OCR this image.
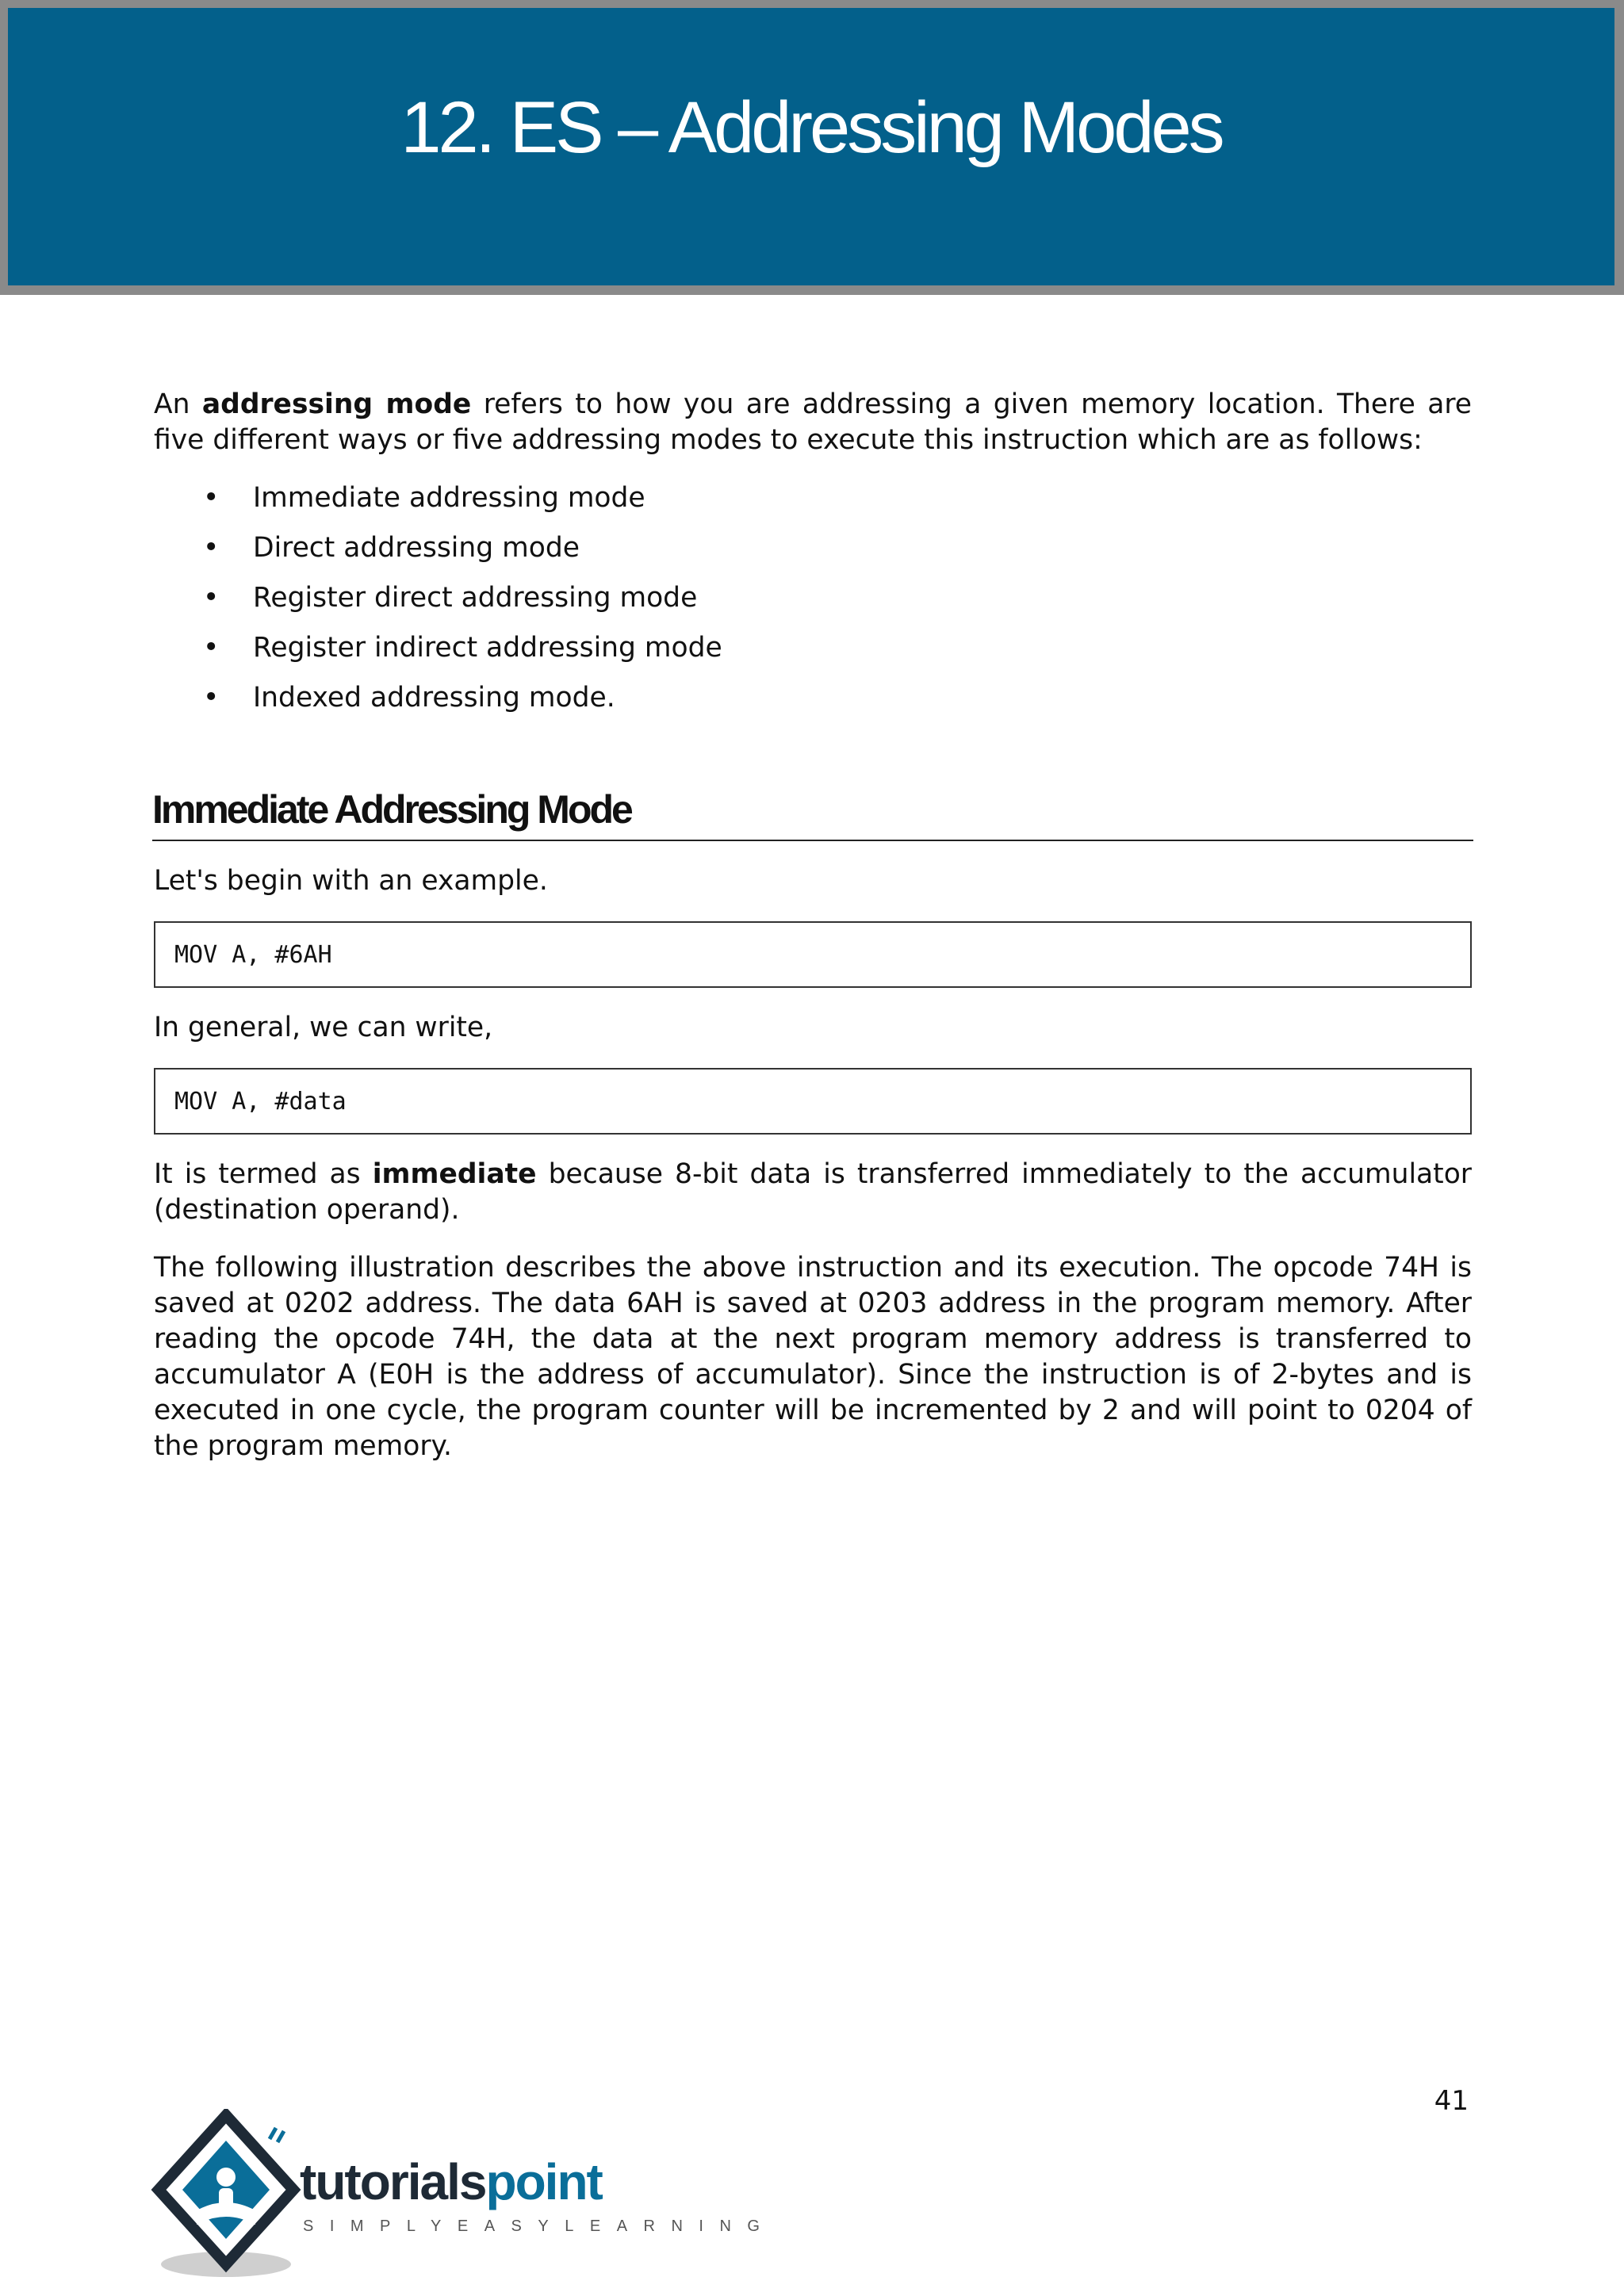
12. ES – Addressing Modes

An addressing mode refers to how you are addressing a given memory location. There are five different ways or five addressing modes to execute this instruction which are as follows:

• Immediate addressing mode
• Direct addressing mode
• Register direct addressing mode
• Register indirect addressing mode
• Indexed addressing mode.
Immediate Addressing Mode

Let's begin with an example.

MOV A, #6AH

In general, we can write,

MOV A, #data

It is termed as immediate because 8-bit data is transferred immediately to the accumulator (destination operand).

The following illustration describes the above instruction and its execution. The opcode 74H is saved at 0202 address. The data 6AH is saved at 0203 address in the program memory. After reading the opcode 74H, the data at the next program memory address is transferred to accumulator A (E0H is the address of accumulator). Since the instruction is of 2-bytes and is executed in one cycle, the program counter will be incremented by 2 and will point to 0204 of the program memory.

41
tutorialspoint
SIMPLYEASYLEARNING
